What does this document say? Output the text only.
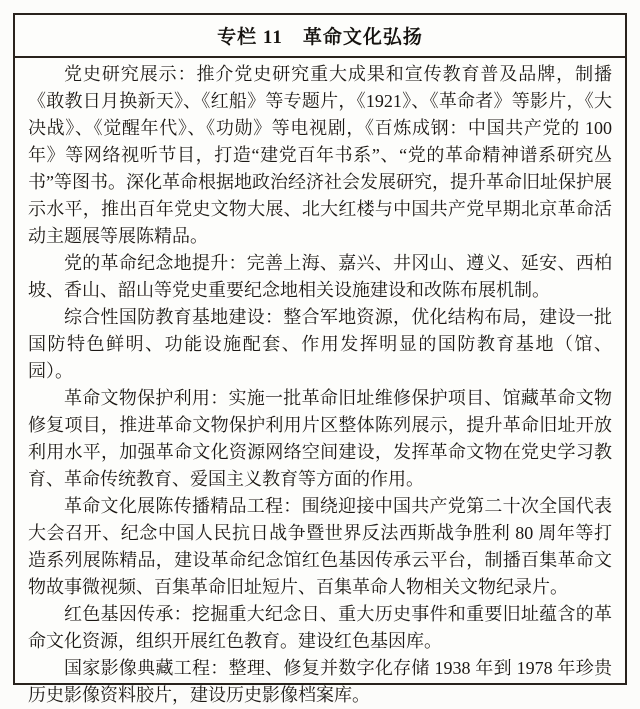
专栏 11　革命文化弘扬

党史研究展示：推介党史研究重大成果和宣传教育普及品牌，制播《敢教日月换新天》、《红船》等专题片，《1921》、《革命者》等影片，《大决战》、《觉醒年代》、《功勋》等电视剧，《百炼成钢：中国共产党的 100 年》等网络视听节目，打造“建党百年书系”、“党的革命精神谱系研究丛书”等图书。深化革命根据地政治经济社会发展研究，提升革命旧址保护展示水平，推出百年党史文物大展、北大红楼与中国共产党早期北京革命活动主题展等展陈精品。

党的革命纪念地提升：完善上海、嘉兴、井冈山、遵义、延安、西柏坡、香山、韶山等党史重要纪念地相关设施建设和改陈布展机制。

综合性国防教育基地建设：整合军地资源，优化结构布局，建设一批国防特色鲜明、功能设施配套、作用发挥明显的国防教育基地（馆、园）。

革命文物保护利用：实施一批革命旧址维修保护项目、馆藏革命文物修复项目，推进革命文物保护利用片区整体陈列展示，提升革命旧址开放利用水平，加强革命文化资源网络空间建设，发挥革命文物在党史学习教育、革命传统教育、爱国主义教育等方面的作用。

革命文化展陈传播精品工程：围绕迎接中国共产党第二十次全国代表大会召开、纪念中国人民抗日战争暨世界反法西斯战争胜利 80 周年等打造系列展陈精品，建设革命纪念馆红色基因传承云平台，制播百集革命文物故事微视频、百集革命旧址短片、百集革命人物相关文物纪录片。

红色基因传承：挖掘重大纪念日、重大历史事件和重要旧址蕴含的革命文化资源，组织开展红色教育。建设红色基因库。

国家影像典藏工程：整理、修复并数字化存储 1938 年到 1978 年珍贵历史影像资料胶片，建设历史影像档案库。
